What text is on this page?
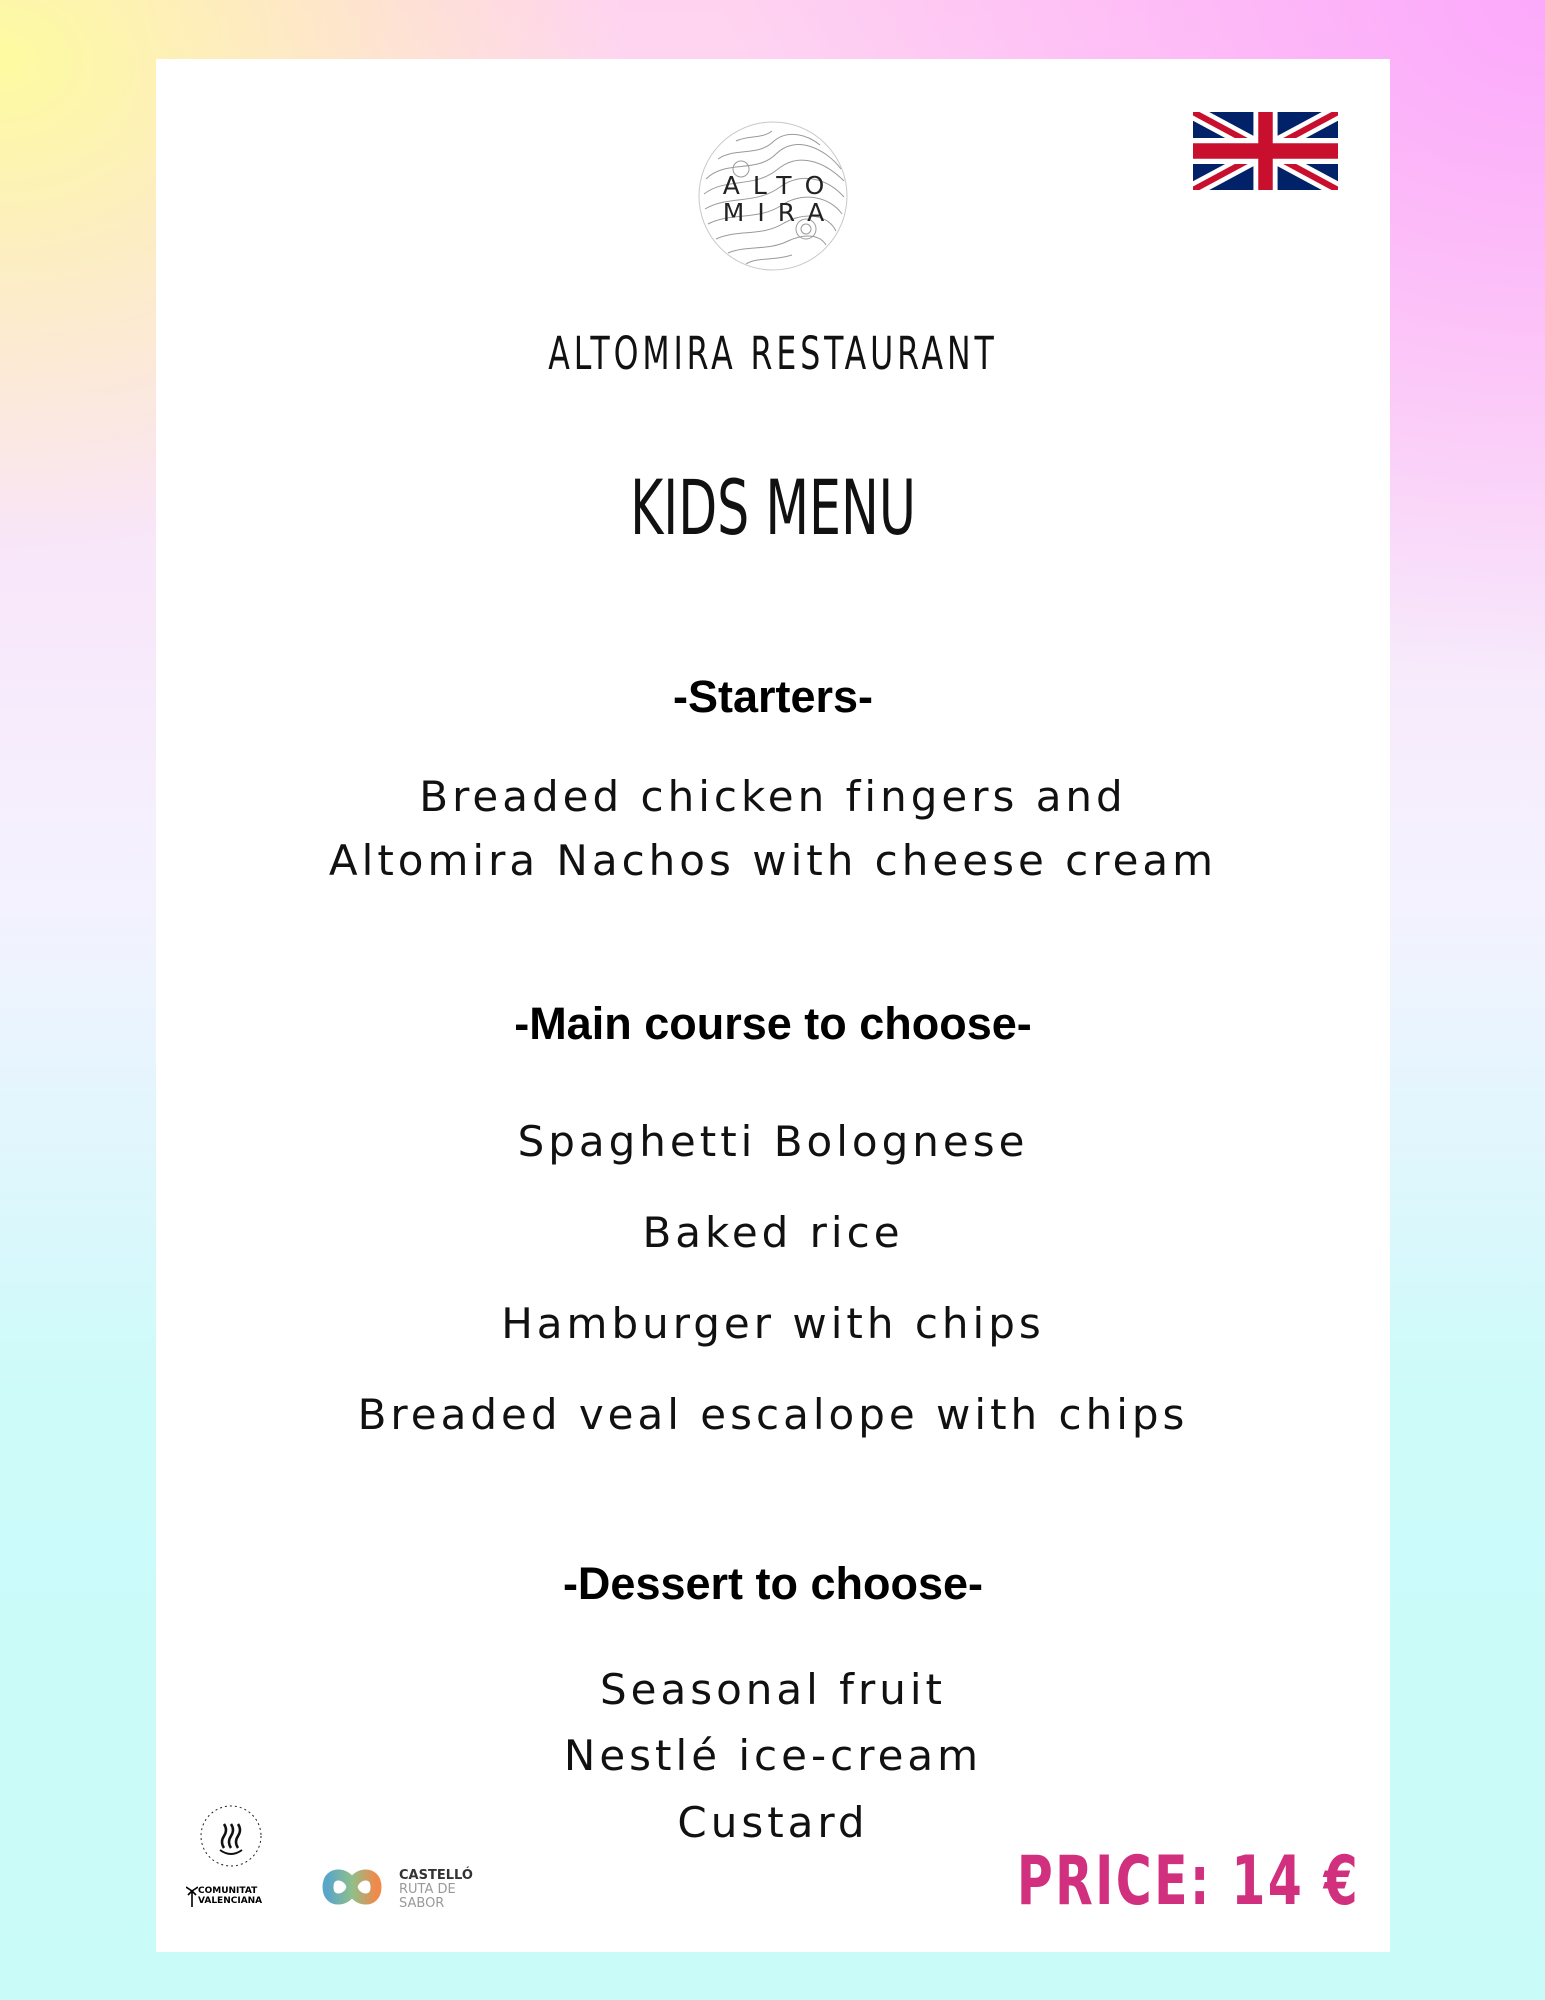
ALTO
MIRA
ALTOMIRA RESTAURANT
KIDS MENU
-Starters-
Breaded chicken fingers and
Altomira Nachos with cheese cream
-Main course to choose-
Spaghetti Bolognese
Baked rice
Hamburger with chips
Breaded veal escalope with chips
-Dessert to choose-
Seasonal fruit
Nestlé ice-cream
Custard
COMUNITAT
VALENCIANA
CASTELLÓ
RUTA DE
SABOR	PRICE: 14 €
